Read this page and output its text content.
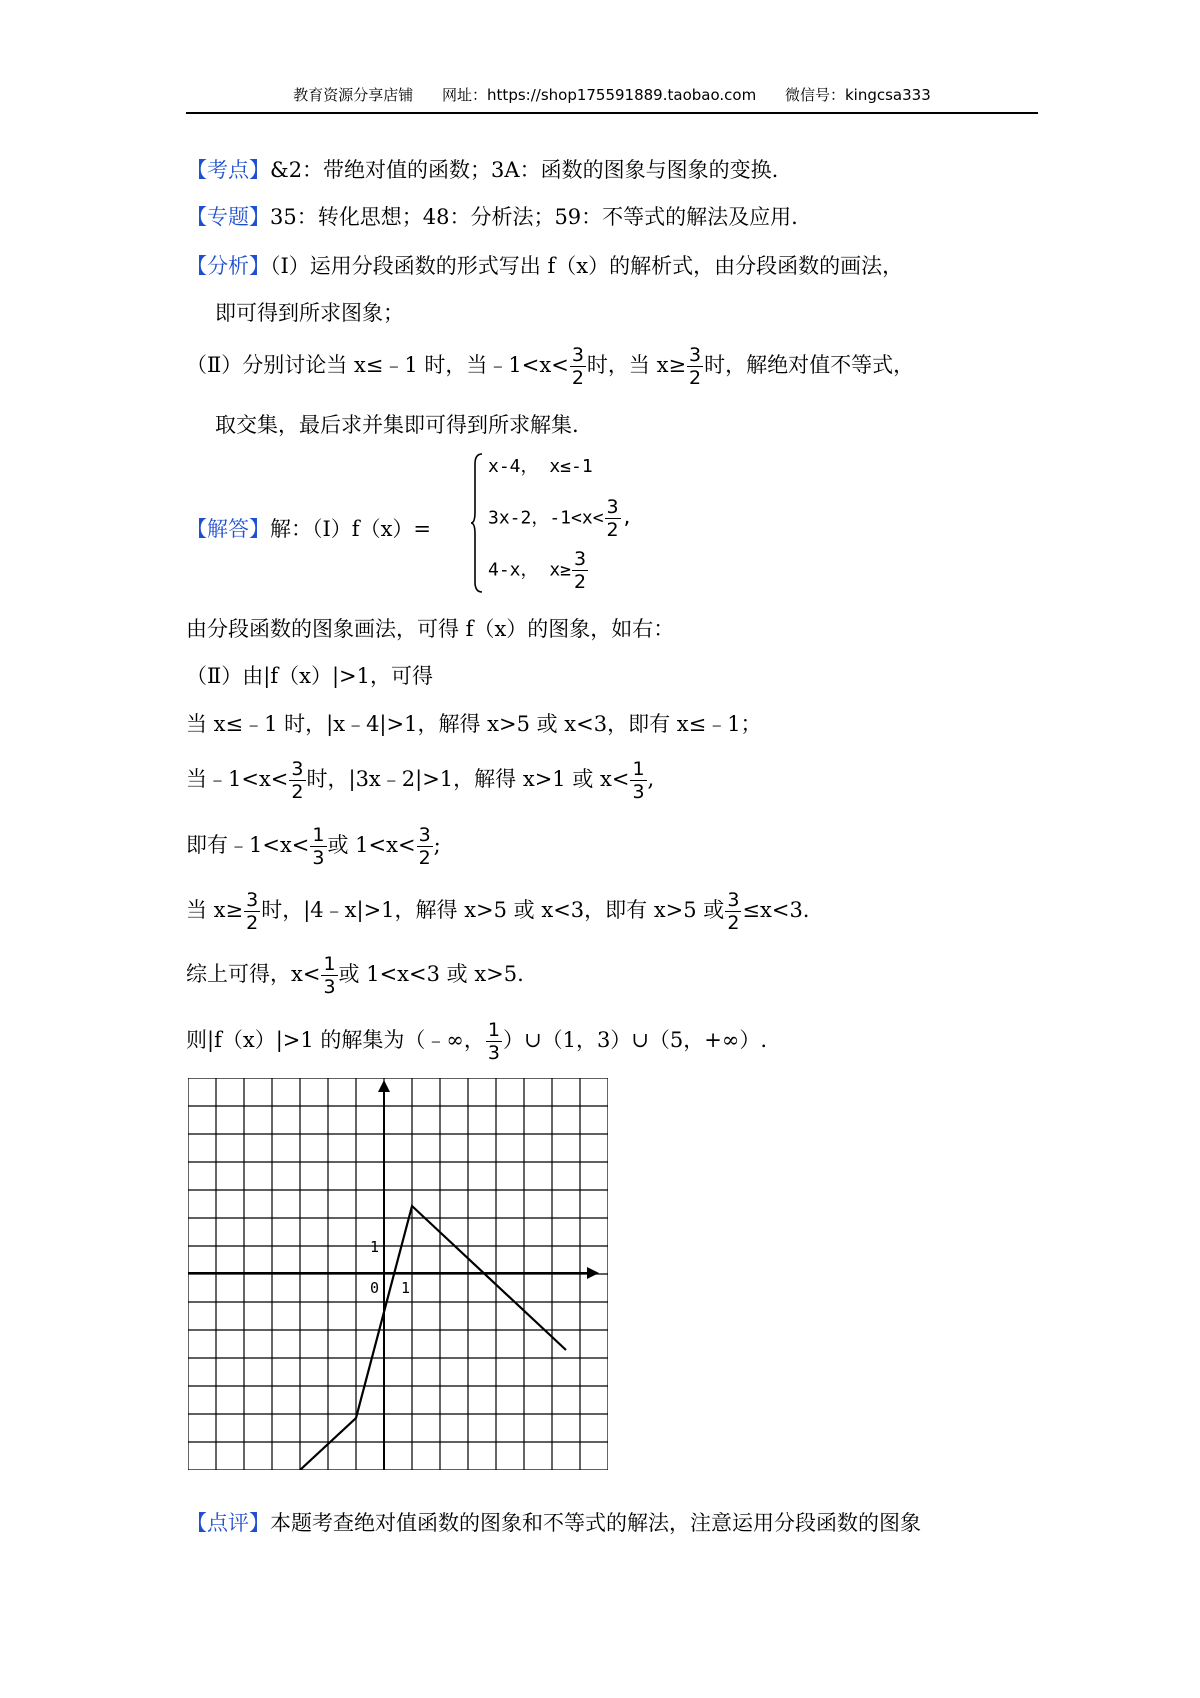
教育资源分享店铺 网址：https://shop175591889.taobao.com 微信号：kingcsa333
【考点】&2：带绝对值的函数；3A：函数的图象与图象的变换.
【专题】35：转化思想；48：分析法；59：不等式的解法及应用.
【分析】（Ⅰ）运用分段函数的形式写出 f（x）的解析式，由分段函数的画法，
即可得到所求图象；
（Ⅱ）分别讨论当 x≤﹣1 时，当﹣1<x< $\frac{3}{2}$ 时，当 $x\ge \frac{3}{2}$ 时，解绝对值不等式，
取交集，最后求并集即可得到所求解集.
【解答】解：（Ⅰ）f（x）=
x-4， x≤-1
3x-2，$-1<x< \frac{3}{2}$ ,
4-x， $x\ge \frac{3}{2}$
由分段函数的图象画法，可得 f（x）的图象，如右：
（Ⅱ）由|f（x）|>1，可得
当 x≤﹣1 时，|x﹣4|>1，解得 x>5 或 x<3，即有 x≤﹣1；
当﹣1<x< $\frac{3}{2}$ 时，|3x﹣2|>1，解得 x>1 或 $x< \frac{1}{3}$ ,
即有﹣1<x< $\frac{1}{3}$ 或 $1<x< \frac{3}{2}$ ;
当 $x\ge \frac{3}{2}$ 时，|4﹣x|>1，解得 x>5 或 x<3，即有 x>5 或 $\frac{3}{2} \le x<3$.
综上可得，$x< \frac{1}{3}$ 或 1<x<3 或 x>5.
则|f（x）|>1 的解集为（﹣∞， $\frac{1}{3}$ ）∪（1，3）∪（5，+∞）.
1
0 1
【点评】本题考查绝对值函数的图象和不等式的解法，注意运用分段函数的图象
